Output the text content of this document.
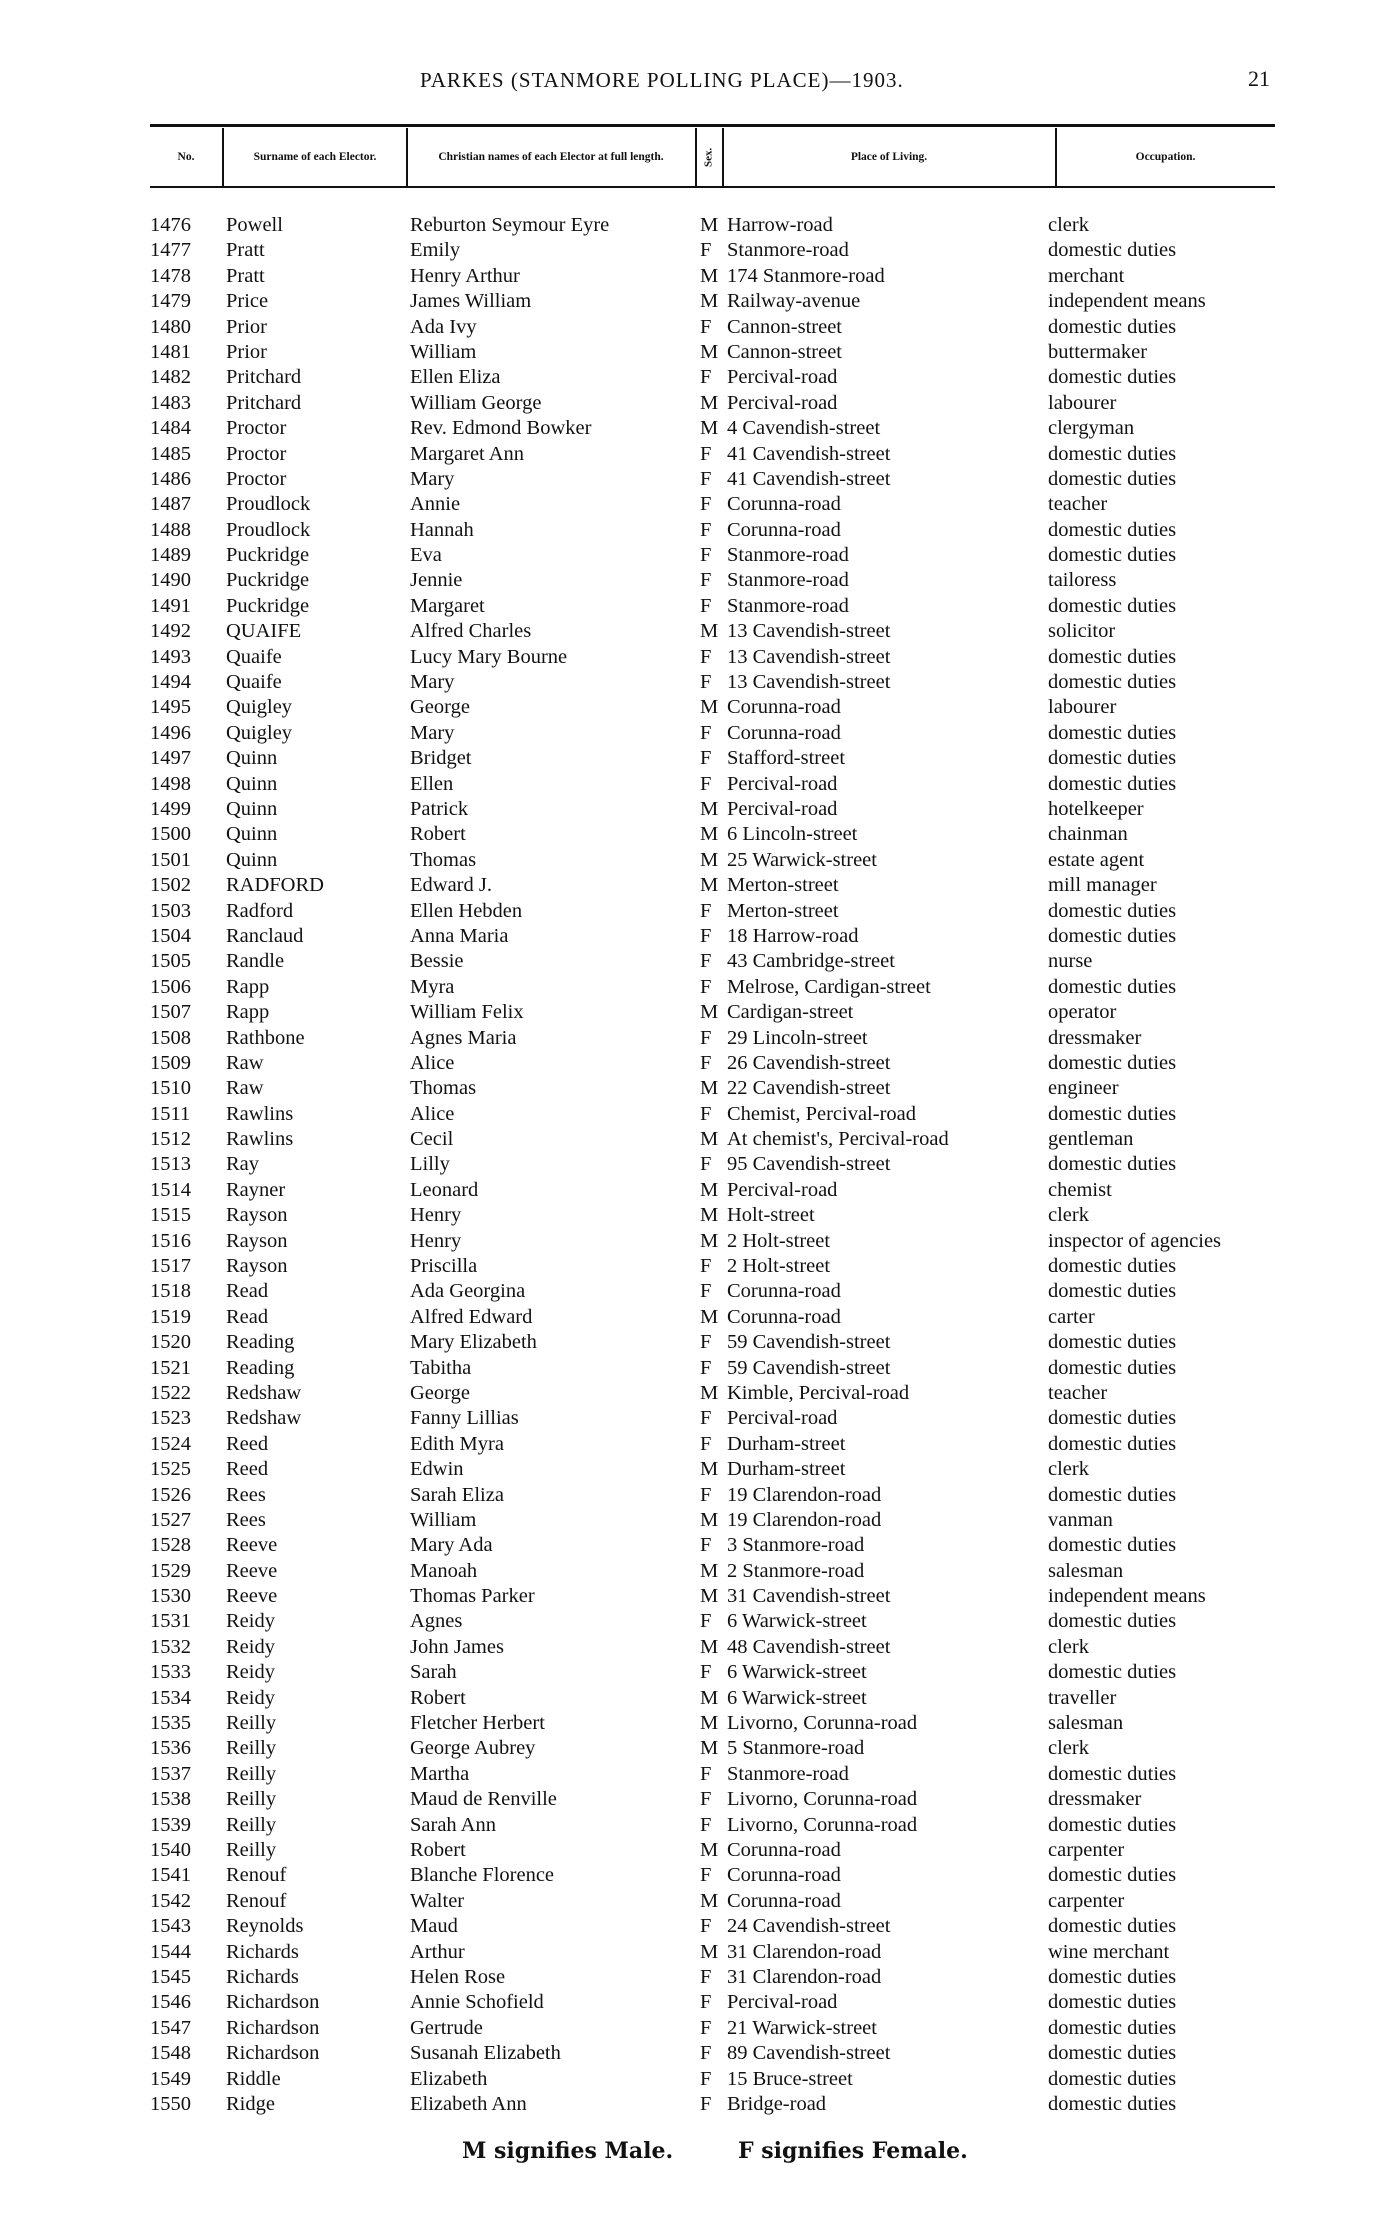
PARKES (STANMORE POLLING PLACE)—1903.	21
No.	Surname of each Elector.	Christian names of each Elector at full length.	Sex.	Place of Living.	Occupation.
1476 Powell	Reburton Seymour Eyre	M Harrow-road	clerk
1477 Pratt	Emily	F Stanmore-road	domestic duties
1478 Pratt	Henry Arthur	M 174 Stanmore-road	merchant
1479 Price	James William	M Railway-avenue	independent means
1480 Prior	Ada Ivy	F Cannon-street	domestic duties
1481 Prior	William	M Cannon-street	buttermaker
1482 Pritchard	Ellen Eliza	F Percival-road	domestic duties
1483 Pritchard	William George	M Percival-road	labourer
1484 Proctor	Rev. Edmond Bowker	M 4 Cavendish-street	clergyman
1485 Proctor	Margaret Ann	F 41 Cavendish-street	domestic duties
1486 Proctor	Mary	F 41 Cavendish-street	domestic duties
1487 Proudlock	Annie	F Corunna-road	teacher
1488 Proudlock	Hannah	F Corunna-road	domestic duties
1489 Puckridge	Eva	F Stanmore-road	domestic duties
1490 Puckridge	Jennie	F Stanmore-road	tailoress
1491 Puckridge	Margaret	F Stanmore-road	domestic duties
1492 QUAIFE	Alfred Charles	M 13 Cavendish-street	solicitor
1493 Quaife	Lucy Mary Bourne	F 13 Cavendish-street	domestic duties
1494 Quaife	Mary	F 13 Cavendish-street	domestic duties
1495 Quigley	George	M Corunna-road	labourer
1496 Quigley	Mary	F Corunna-road	domestic duties
1497 Quinn	Bridget	F Stafford-street	domestic duties
1498 Quinn	Ellen	F Percival-road	domestic duties
1499 Quinn	Patrick	M Percival-road	hotelkeeper
1500 Quinn	Robert	M 6 Lincoln-street	chainman
1501 Quinn	Thomas	M 25 Warwick-street	estate agent
1502 RADFORD	Edward J.	M Merton-street	mill manager
1503 Radford	Ellen Hebden	F Merton-street	domestic duties
1504 Ranclaud	Anna Maria	F 18 Harrow-road	domestic duties
1505 Randle	Bessie	F 43 Cambridge-street	nurse
1506 Rapp	Myra	F Melrose, Cardigan-street	domestic duties
1507 Rapp	William Felix	M Cardigan-street	operator
1508 Rathbone	Agnes Maria	F 29 Lincoln-street	dressmaker
1509 Raw	Alice	F 26 Cavendish-street	domestic duties
1510 Raw	Thomas	M 22 Cavendish-street	engineer
1511 Rawlins	Alice	F Chemist, Percival-road	domestic duties
1512 Rawlins	Cecil	M At chemist's, Percival-road	gentleman
1513 Ray	Lilly	F 95 Cavendish-street	domestic duties
1514 Rayner	Leonard	M Percival-road	chemist
1515 Rayson	Henry	M Holt-street	clerk
1516 Rayson	Henry	M 2 Holt-street	inspector of agencies
1517 Rayson	Priscilla	F 2 Holt-street	domestic duties
1518 Read	Ada Georgina	F Corunna-road	domestic duties
1519 Read	Alfred Edward	M Corunna-road	carter
1520 Reading	Mary Elizabeth	F 59 Cavendish-street	domestic duties
1521 Reading	Tabitha	F 59 Cavendish-street	domestic duties
1522 Redshaw	George	M Kimble, Percival-road	teacher
1523 Redshaw	Fanny Lillias	F Percival-road	domestic duties
1524 Reed	Edith Myra	F Durham-street	domestic duties
1525 Reed	Edwin	M Durham-street	clerk
1526 Rees	Sarah Eliza	F 19 Clarendon-road	domestic duties
1527 Rees	William	M 19 Clarendon-road	vanman
1528 Reeve	Mary Ada	F 3 Stanmore-road	domestic duties
1529 Reeve	Manoah	M 2 Stanmore-road	salesman
1530 Reeve	Thomas Parker	M 31 Cavendish-street	independent means
1531 Reidy	Agnes	F 6 Warwick-street	domestic duties
1532 Reidy	John James	M 48 Cavendish-street	clerk
1533 Reidy	Sarah	F 6 Warwick-street	domestic duties
1534 Reidy	Robert	M 6 Warwick-street	traveller
1535 Reilly	Fletcher Herbert	M Livorno, Corunna-road	salesman
1536 Reilly	George Aubrey	M 5 Stanmore-road	clerk
1537 Reilly	Martha	F Stanmore-road	domestic duties
1538 Reilly	Maud de Renville	F Livorno, Corunna-road	dressmaker
1539 Reilly	Sarah Ann	F Livorno, Corunna-road	domestic duties
1540 Reilly	Robert	M Corunna-road	carpenter
1541 Renouf	Blanche Florence	F Corunna-road	domestic duties
1542 Renouf	Walter	M Corunna-road	carpenter
1543 Reynolds	Maud	F 24 Cavendish-street	domestic duties
1544 Richards	Arthur	M 31 Clarendon-road	wine merchant
1545 Richards	Helen Rose	F 31 Clarendon-road	domestic duties
1546 Richardson	Annie Schofield	F Percival-road	domestic duties
1547 Richardson	Gertrude	F 21 Warwick-street	domestic duties
1548 Richardson	Susanah Elizabeth	F 89 Cavendish-street	domestic duties
1549 Riddle	Elizabeth	F 15 Bruce-street	domestic duties
1550 Ridge	Elizabeth Ann	F Bridge-road	domestic duties
M signifies Male.	F signifies Female.
